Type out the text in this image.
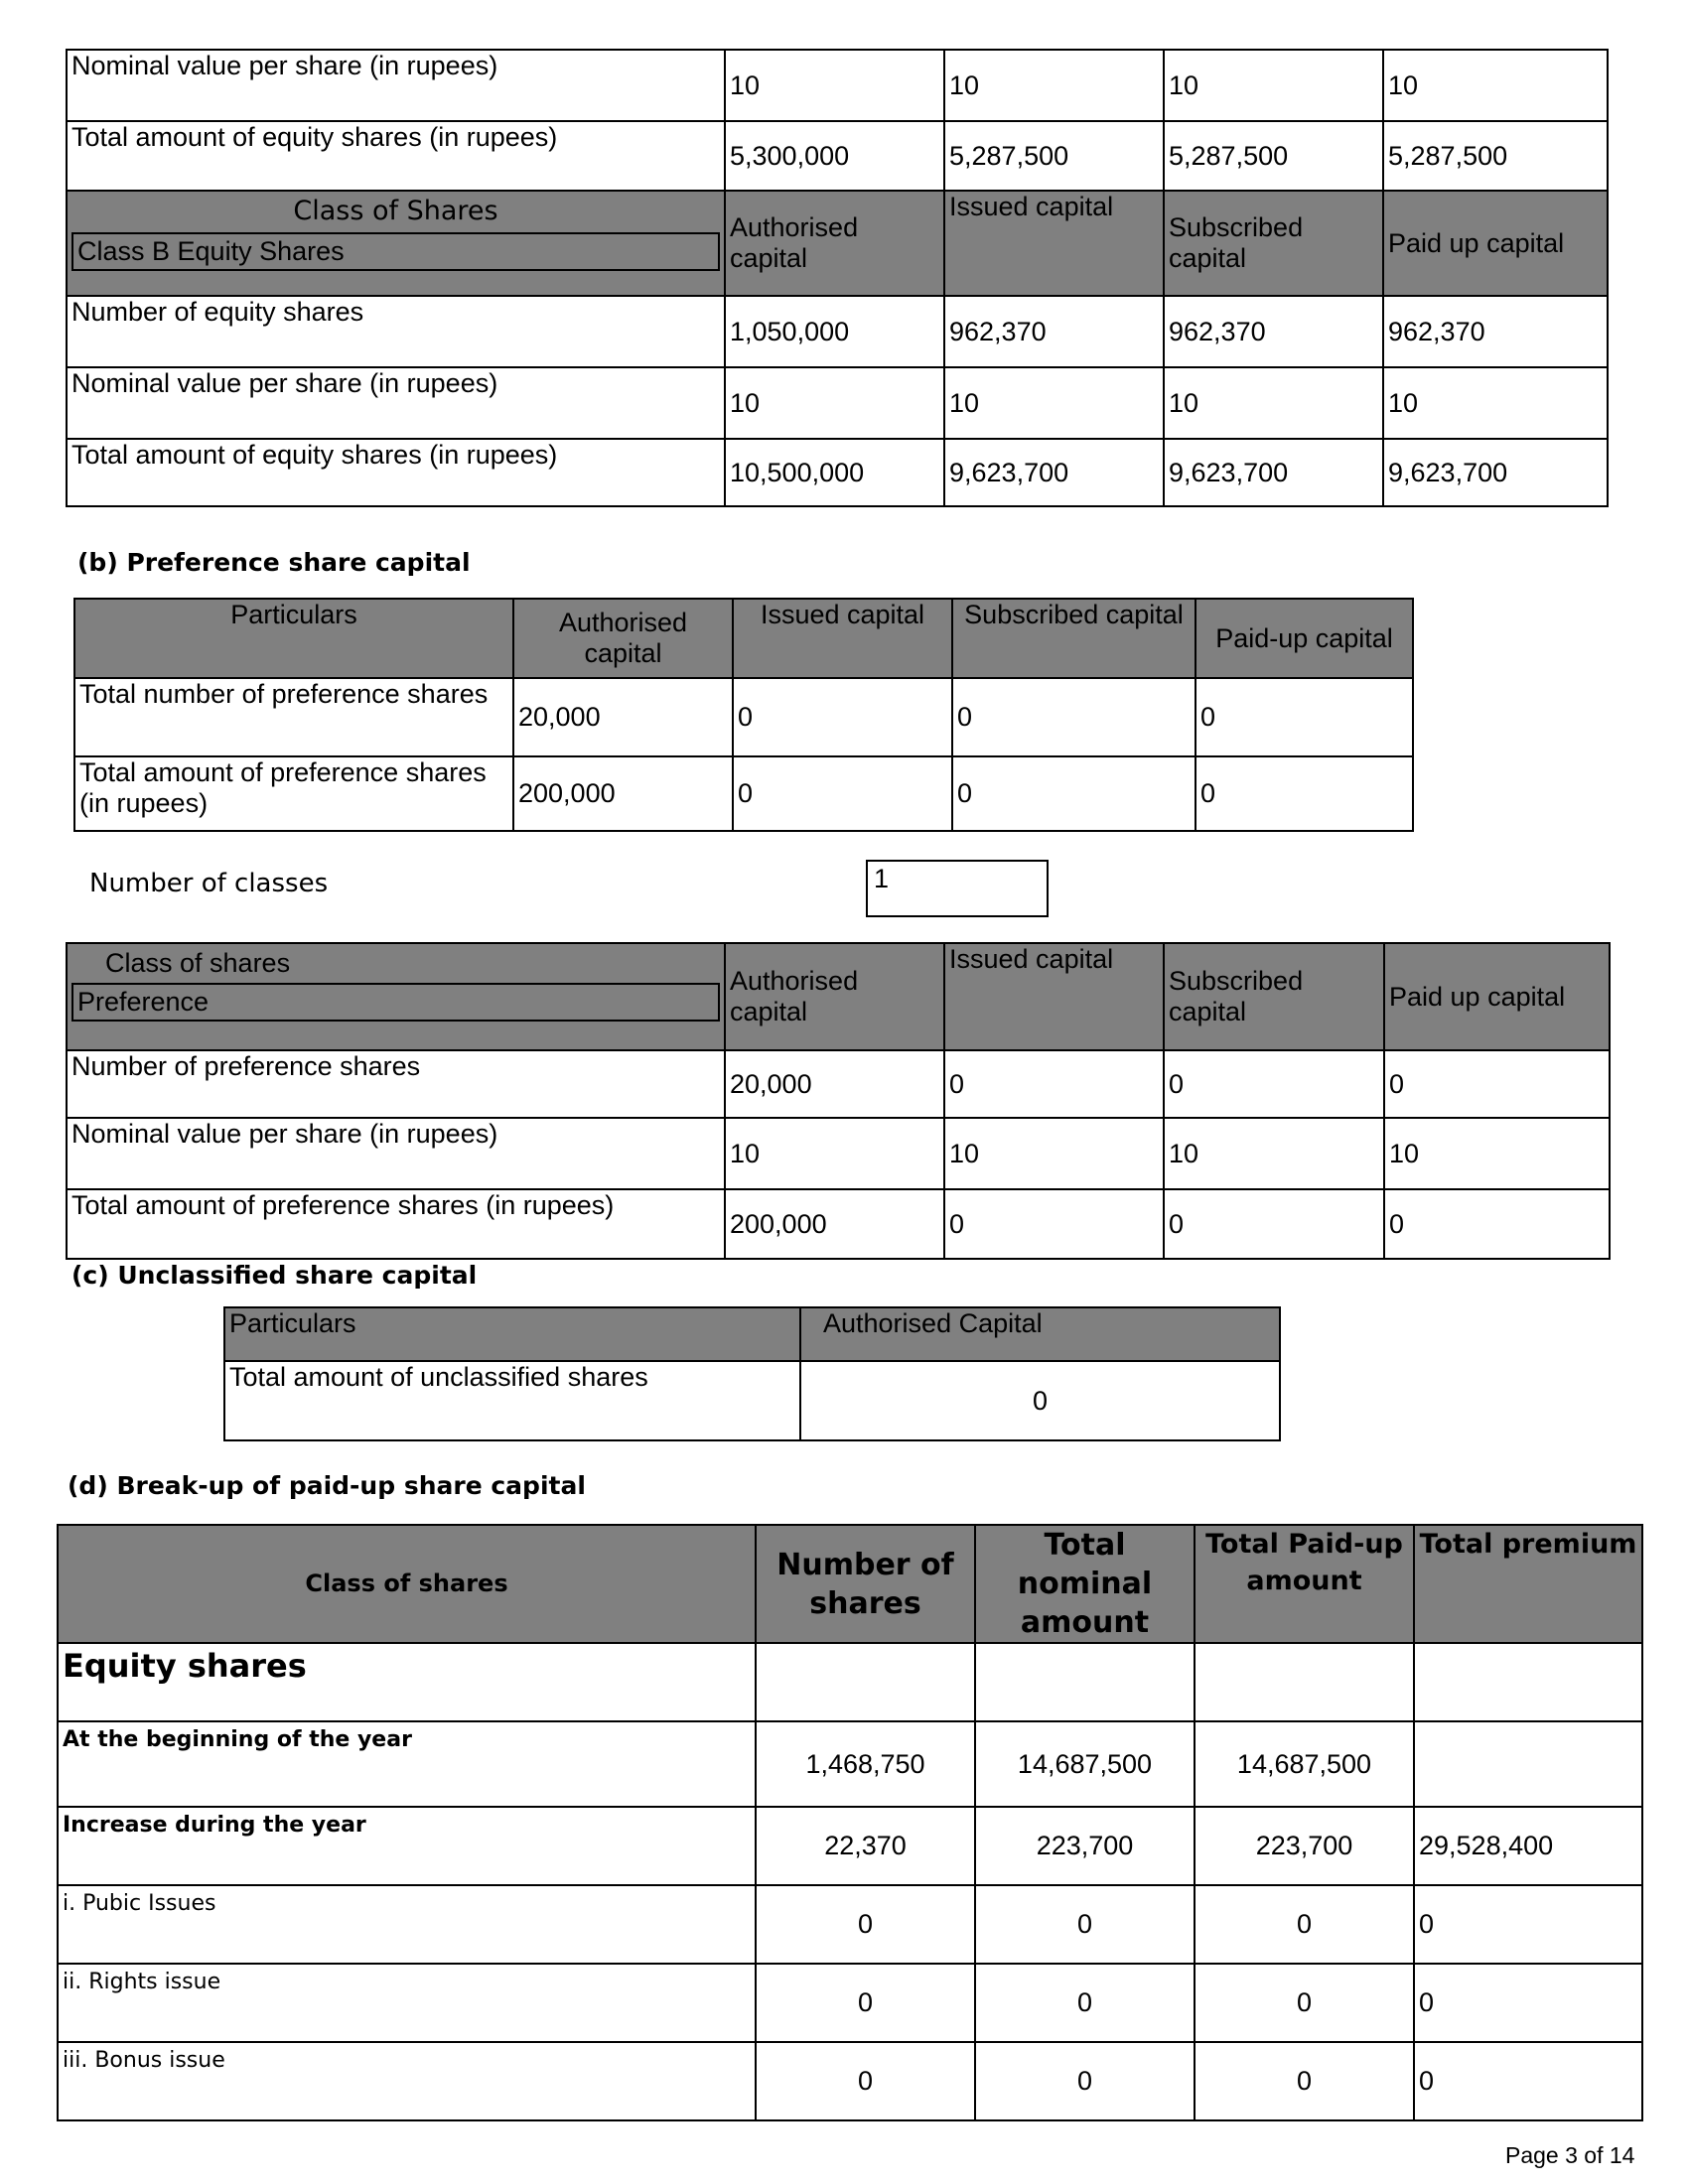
Nominal value per share (in rupees)	10	10	10	10
Total amount of equity shares (in rupees)	5,300,000	5,287,500	5,287,500	5,287,500

Class of Shares
Class B Equity Shares	Authorised capital	Issued capital	Subscribed capital	Paid up capital
Number of equity shares	1,050,000	962,370	962,370	962,370
Nominal value per share (in rupees)	10	10	10	10
Total amount of equity shares (in rupees)	10,500,000	9,623,700	9,623,700	9,623,700
(b) Preference share capital
Particulars	Authorised capital	Issued capital	Subscribed capital	Paid-up capital
Total number of preference shares	20,000	0	0	0
Total amount of preference shares (in rupees)	200,000	0	0	0
Number of classes	1
Class of shares
Preference	Authorised capital	Issued capital	Subscribed capital	Paid up capital
Number of preference shares	20,000	0	0	0
Nominal value per share (in rupees)	10	10	10	10
Total amount of preference shares (in rupees)	200,000	0	0	0
(c) Unclassified share capital
Particulars	Authorised Capital
Total amount of unclassified shares	0
(d) Break-up of paid-up share capital
Class of shares	Number of shares	Total nominal amount	Total Paid-up amount	Total premium
Equity shares				
At the beginning of the year	1,468,750	14,687,500	14,687,500	
Increase during the year	22,370	223,700	223,700	29,528,400
i. Pubic Issues	0	0	0	0
ii. Rights issue	0	0	0	0
iii. Bonus issue	0	0	0	0
Page 3 of 14
